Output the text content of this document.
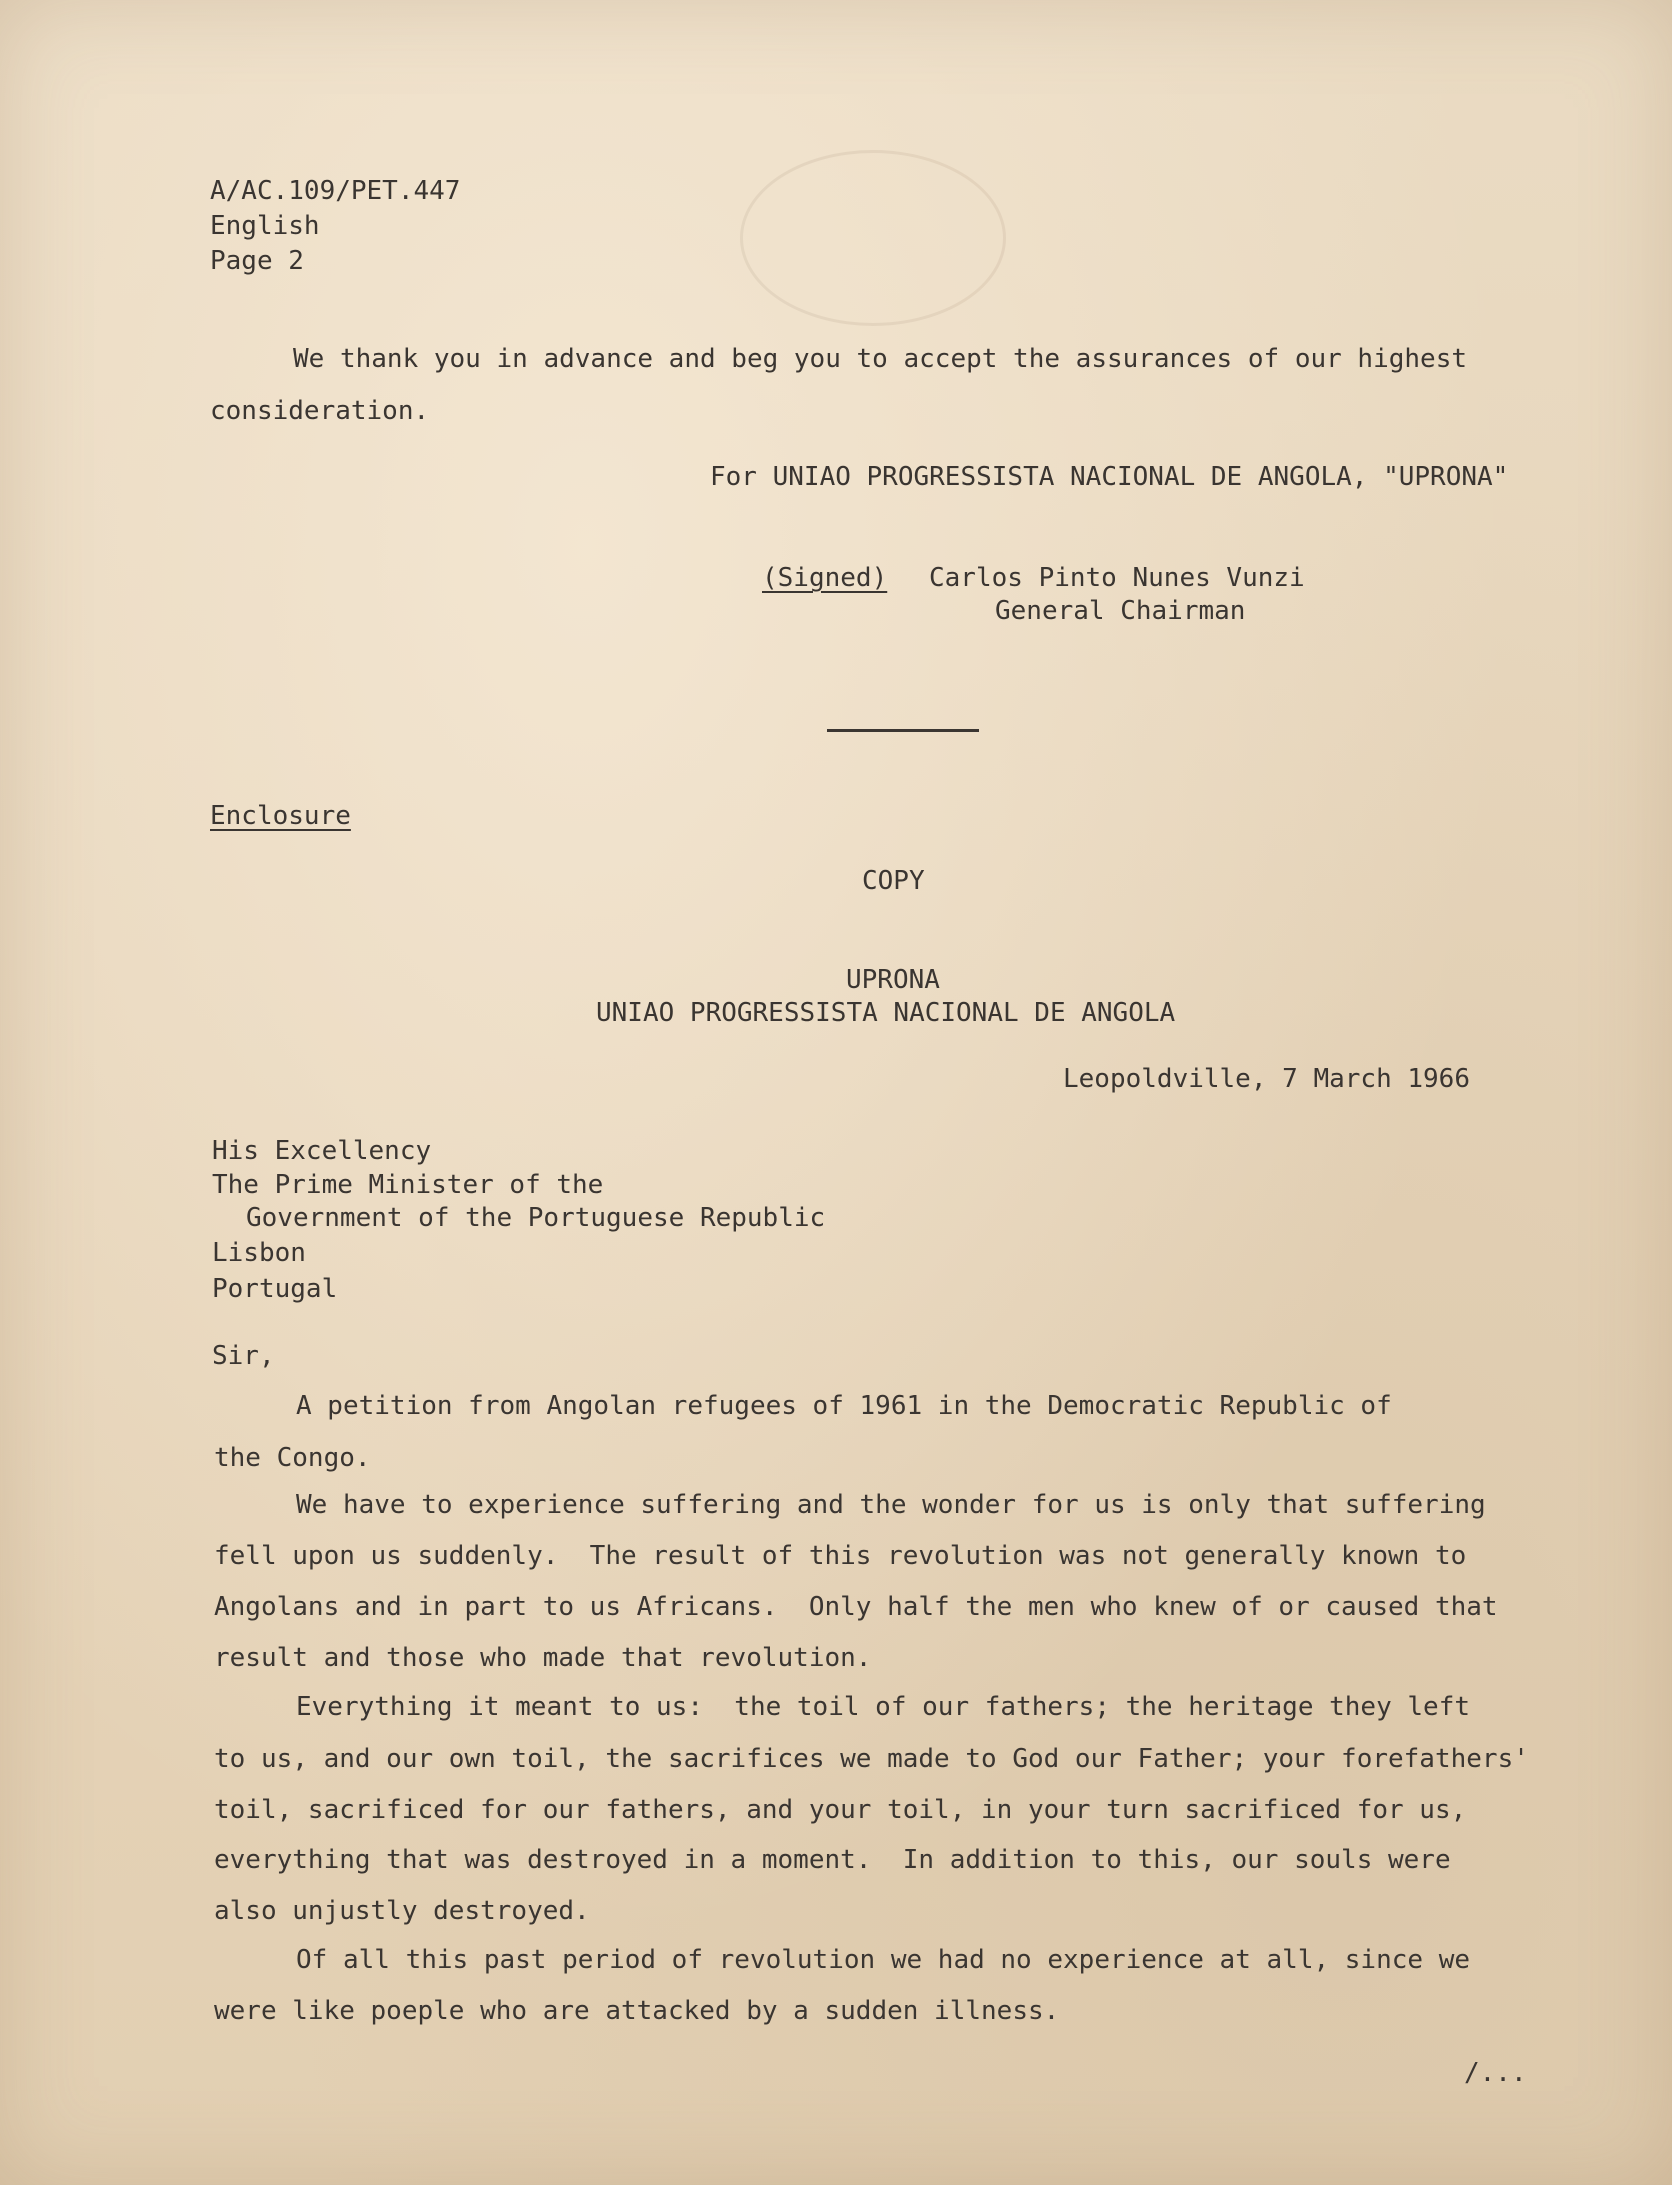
A/AC.109/PET.447

English

Page 2

We thank you in advance and beg you to accept the assurances of our highest

consideration.

For UNIAO PROGRESSISTA NACIONAL DE ANGOLA, "UPRONA"

(Signed) Carlos Pinto Nunes Vunzi

General Chairman

Enclosure

COPY

UPRONA

UNIAO PROGRESSISTA NACIONAL DE ANGOLA

Leopoldville, 7 March 1966

His Excellency

The Prime Minister of the

Government of the Portuguese Republic

Lisbon

Portugal

Sir,

A petition from Angolan refugees of 1961 in the Democratic Republic of

the Congo.

We have to experience suffering and the wonder for us is only that suffering

fell upon us suddenly.  The result of this revolution was not generally known to

Angolans and in part to us Africans.  Only half the men who knew of or caused that

result and those who made that revolution.

Everything it meant to us:  the toil of our fathers; the heritage they left

to us, and our own toil, the sacrifices we made to God our Father; your forefathers'

toil, sacrificed for our fathers, and your toil, in your turn sacrificed for us,

everything that was destroyed in a moment.  In addition to this, our souls were

also unjustly destroyed.

Of all this past period of revolution we had no experience at all, since we

were like poeple who are attacked by a sudden illness.

/...
